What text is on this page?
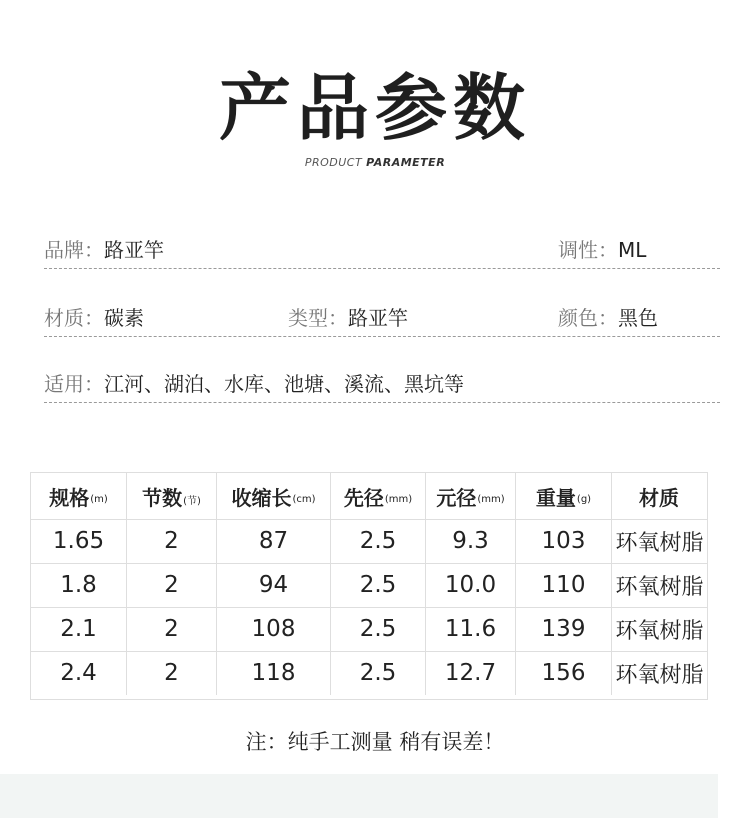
产品参数
PRODUCT PARAMETER
品牌：路亚竿	调性：ML
材质：碳素	类型：路亚竿	颜色：黑色
适用：江河、湖泊、水库、池塘、溪流、黑坑等
规格 (m) 节数 (节) 收缩长 (cm) 先径 (mm) 元径 (mm) 重量 (g) 材质
1.65	2	87	2.5	9.3	103	环氧树脂
1.8	2	94	2.5	10.0	110	环氧树脂
2.1	2	108	2.5	11.6	139	环氧树脂
2.4	2	118	2.5	12.7	156	环氧树脂
注：纯手工测量 稍有误差！
